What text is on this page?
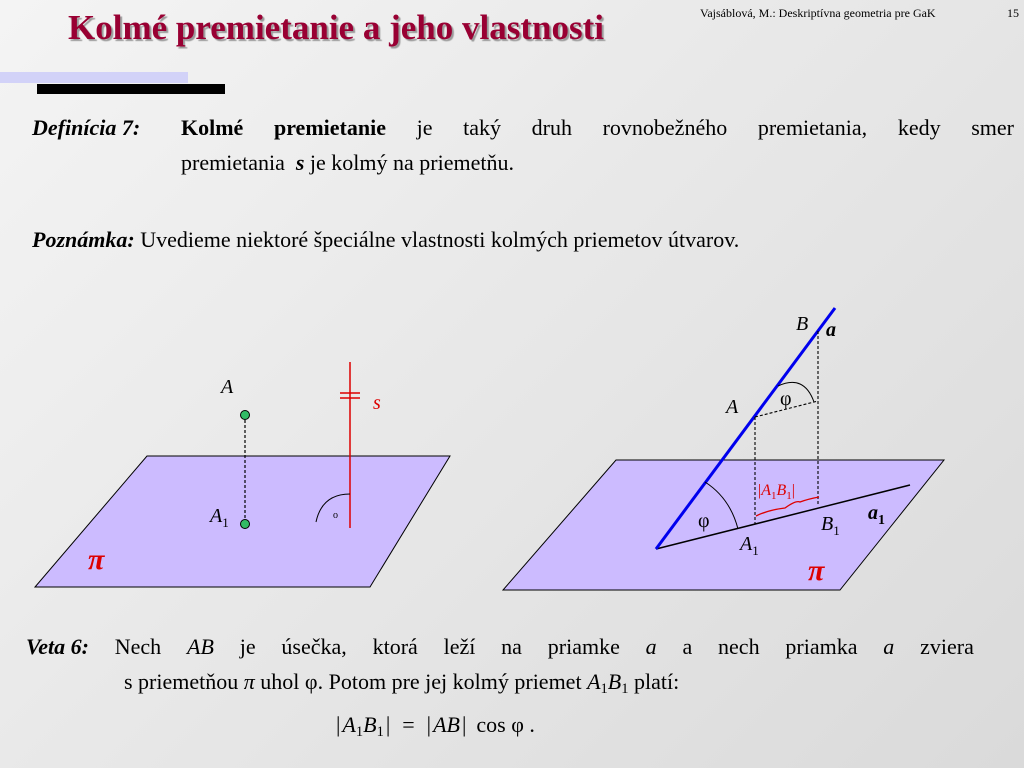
Kolmé premietanie a jeho vlastnosti	Vajsáblová, M.: Deskriptívna geometria pre GaK	15
Definícia 7: Kolmé premietanie je taký druh rovnobežného premietania, kedy smer

premietania s je kolmý na priemetňu.

Poznámka: Uvedieme niektoré špeciálne vlastnosti kolmých priemetov útvarov.
A
$A_1$
s
π
o
B a
A φ
φ
$A_1$
$B_1$
$a_1$
$|A_1B_1|$
π
Veta 6: Nech AB je úsečka, ktorá leží na priamke a a nech priamka a zviera
s priemetňou π uhol φ. Potom pre jej kolmý priemet $A_1B_1$ platí:
$|A_1B_1| = |AB|$ cos φ .
